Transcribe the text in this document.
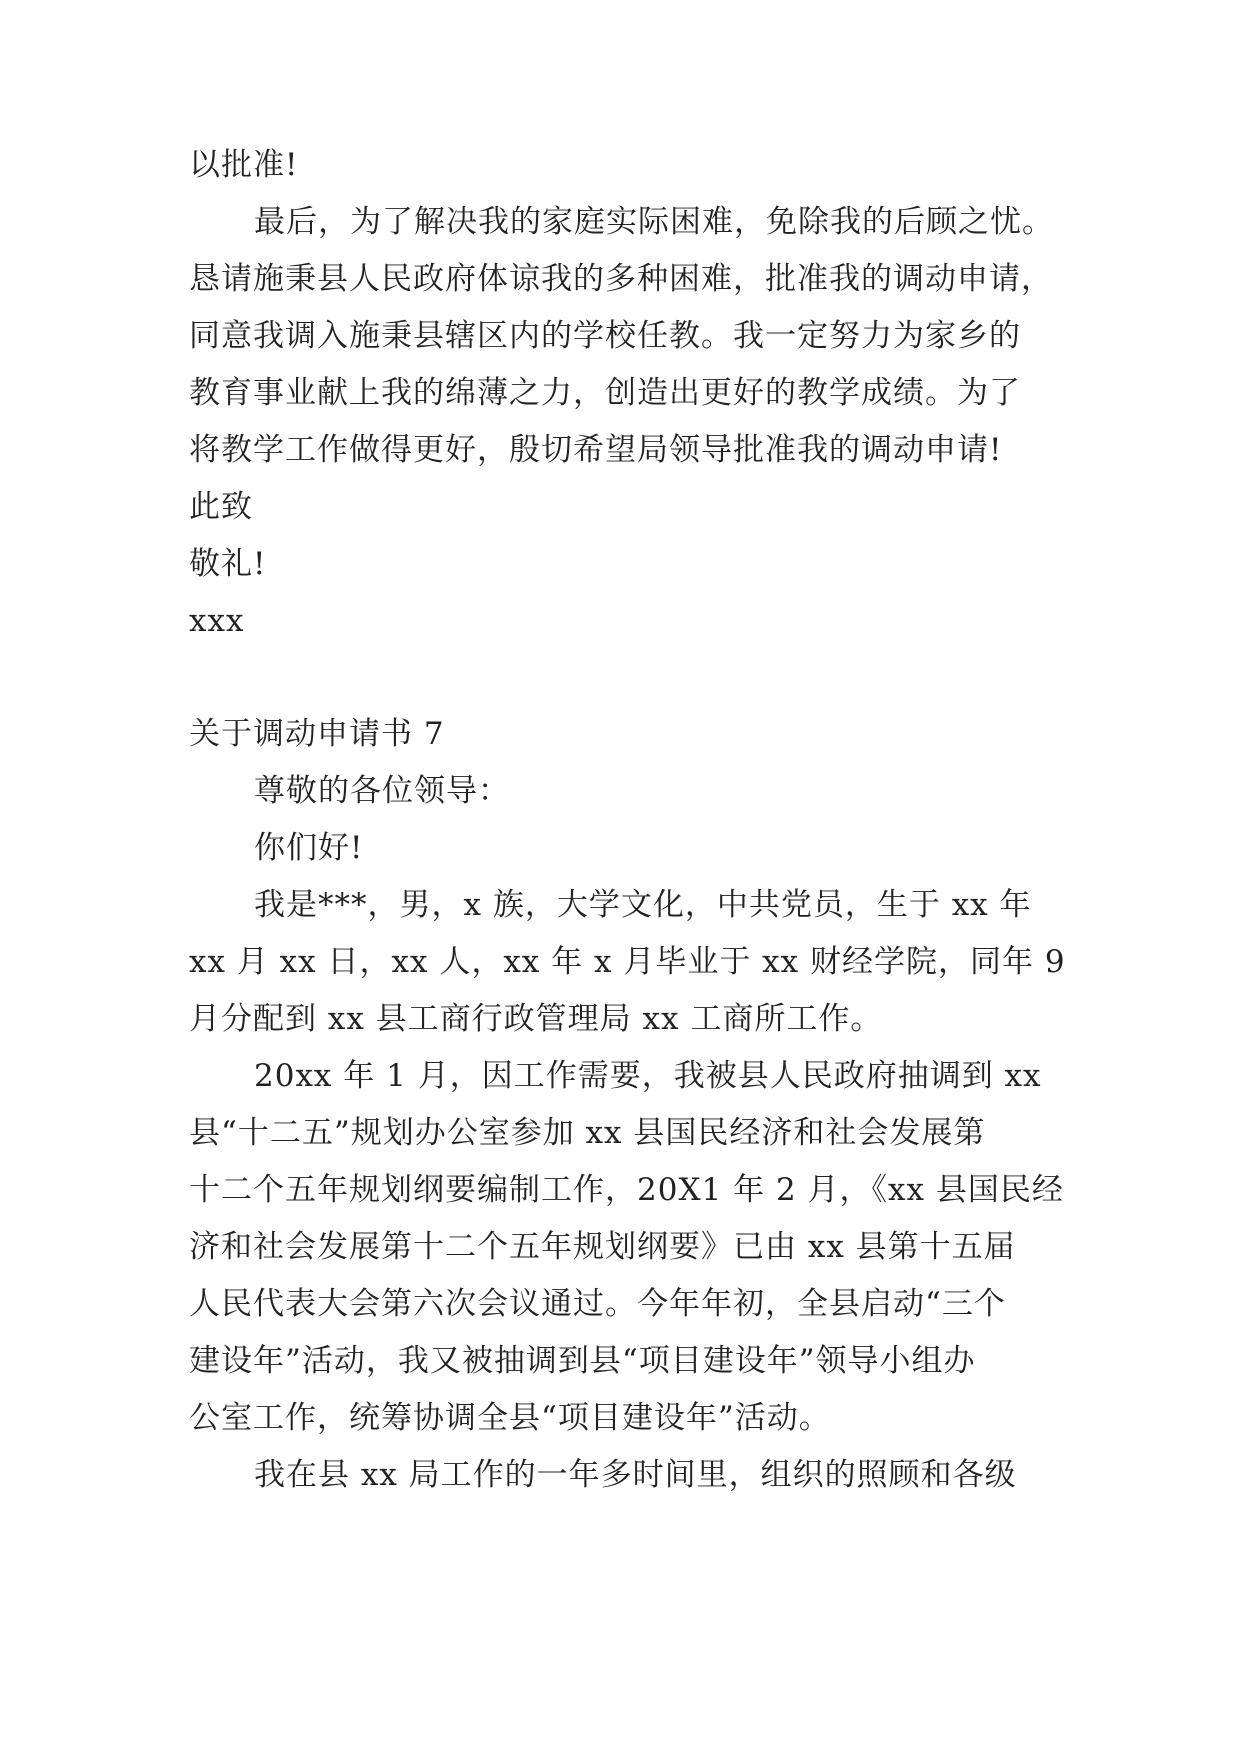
以批准!
最后，为了解决我的家庭实际困难，免除我的后顾之忧。
恳请施秉县人民政府体谅我的多种困难，批准我的调动申请，
同意我调入施秉县辖区内的学校任教。我一定努力为家乡的
教育事业献上我的绵薄之力，创造出更好的教学成绩。为了
将教学工作做得更好，殷切希望局领导批准我的调动申请!
此致
敬礼!
xxx
关于调动申请书 7
尊敬的各位领导：
你们好!
我是***，男，x 族，大学文化，中共党员，生于 xx 年
xx 月 xx 日，xx 人，xx 年 x 月毕业于 xx 财经学院，同年 9
月分配到 xx 县工商行政管理局 xx 工商所工作。
20xx 年 1 月，因工作需要，我被县人民政府抽调到 xx
县“十二五”规划办公室参加 xx 县国民经济和社会发展第
十二个五年规划纲要编制工作，20X1 年 2 月，《xx 县国民经
济和社会发展第十二个五年规划纲要》已由 xx 县第十五届
人民代表大会第六次会议通过。今年年初，全县启动“三个
建设年”活动，我又被抽调到县“项目建设年”领导小组办
公室工作，统筹协调全县“项目建设年”活动。
我在县 xx 局工作的一年多时间里，组织的照顾和各级
